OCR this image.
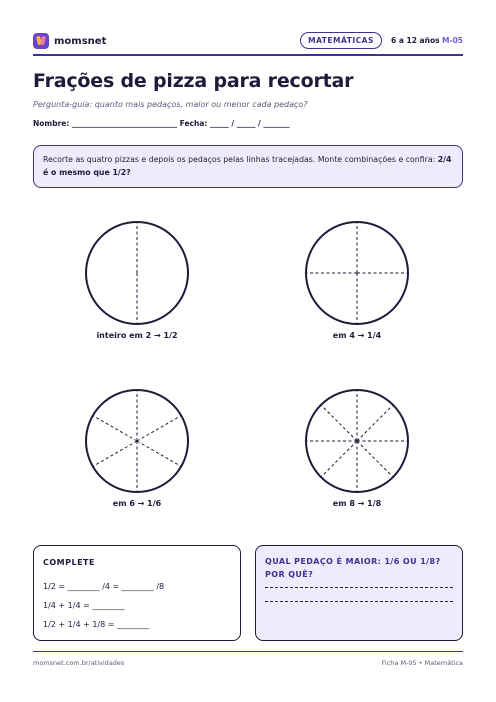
momsnet	MATEMÁTICAS	6 a 12 años M-05
Frações de pizza para recortar
Pergunta-guia: quanto mais pedaços, maior ou menor cada pedaço?
Nombre: ____________________________ Fecha: _____ / _____ / _______
Recorte as quatro pizzas e depois os pedaços pelas linhas tracejadas. Monte combinações e confira: 2/4 é o mesmo que 1/2?
inteiro em 2 → 1/2	em 4 → 1/4
em 6 → 1/6	em 8 → 1/8
COMPLETE
1/2 = ________ /4 = ________ /8
1/4 + 1/4 = ________
1/2 + 1/4 + 1/8 = ________
QUAL PEDAÇO É MAIOR: 1/6 OU 1/8? POR QUÊ?
momsnet.com.br/atividades	Ficha M-05 • Matemática
